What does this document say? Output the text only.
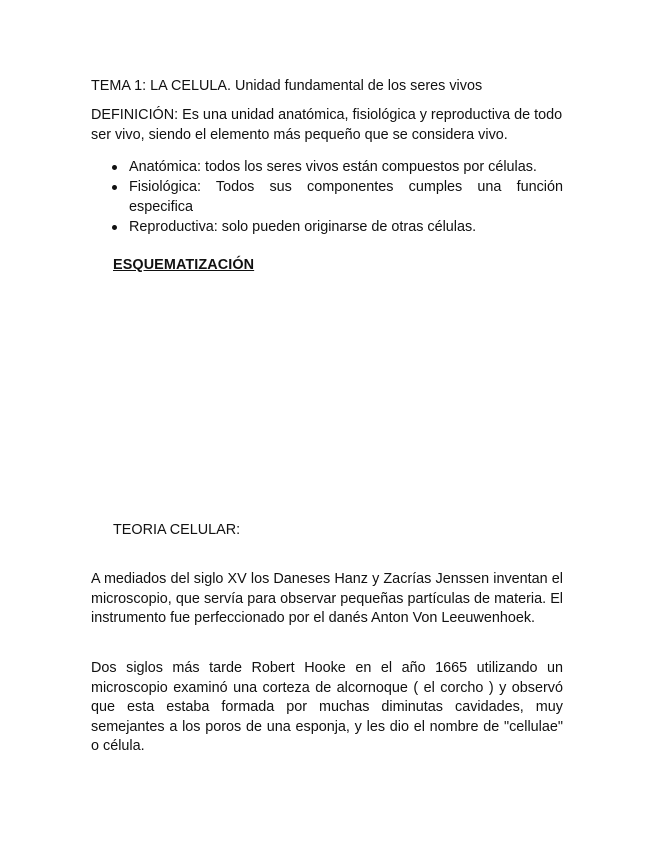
TEMA 1: LA CELULA. Unidad fundamental de los seres vivos
DEFINICIÓN: Es una unidad anatómica, fisiológica y reproductiva de todo ser vivo, siendo el elemento más pequeño que se considera vivo.
Anatómica: todos los seres vivos están compuestos por células.
Fisiológica: Todos sus componentes cumples una función especifica
Reproductiva: solo pueden originarse de otras células.
ESQUEMATIZACIÓN
TEORIA CELULAR:

A mediados del siglo XV los Daneses Hanz y Zacrías Jenssen inventan el microscopio, que servía para observar pequeñas partículas de materia. El instrumento fue perfeccionado por el danés Anton Von Leeuwenhoek.

Dos siglos más tarde Robert Hooke en el año 1665 utilizando un microscopio examinó una corteza de alcornoque ( el corcho ) y observó que esta estaba formada por muchas diminutas cavidades, muy semejantes a los poros de una esponja, y les dio el nombre de "cellulae" o célula.
